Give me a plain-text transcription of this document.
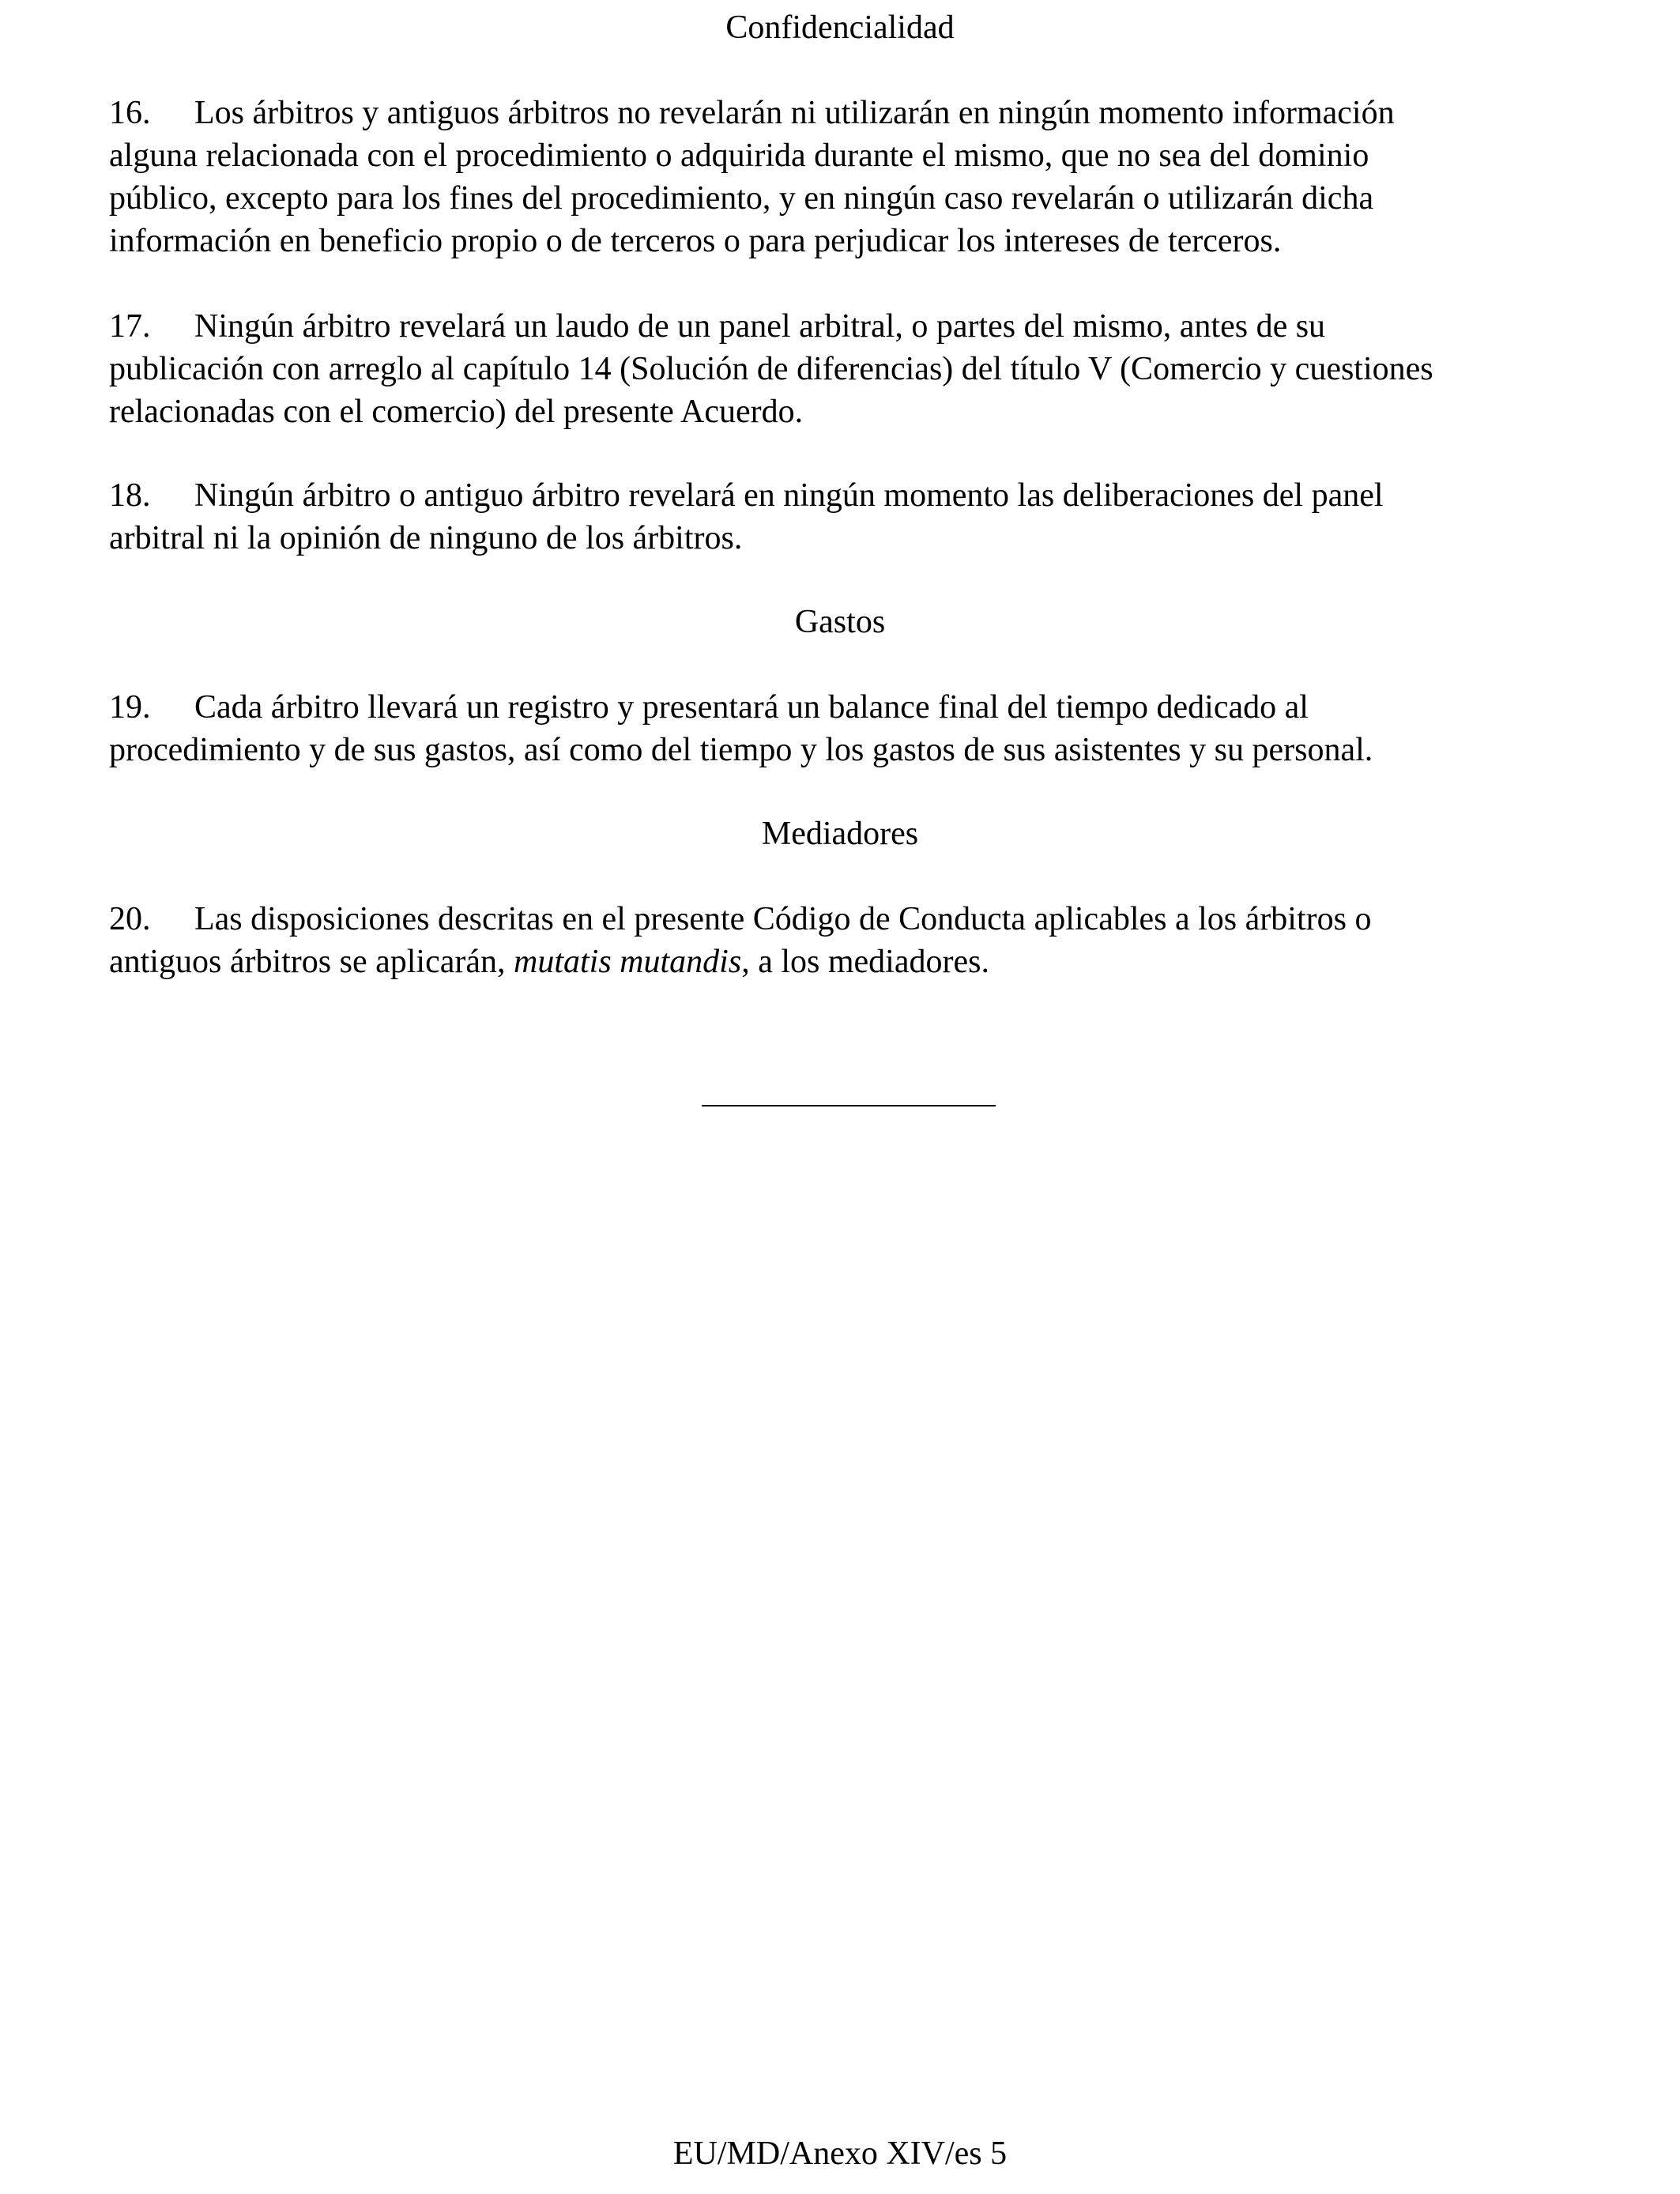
Confidencialidad
16. Los árbitros y antiguos árbitros no revelarán ni utilizarán en ningún momento información
alguna relacionada con el procedimiento o adquirida durante el mismo, que no sea del dominio
público, excepto para los fines del procedimiento, y en ningún caso revelarán o utilizarán dicha
información en beneficio propio o de terceros o para perjudicar los intereses de terceros.
17. Ningún árbitro revelará un laudo de un panel arbitral, o partes del mismo, antes de su
publicación con arreglo al capítulo 14 (Solución de diferencias) del título V (Comercio y cuestiones
relacionadas con el comercio) del presente Acuerdo.
18. Ningún árbitro o antiguo árbitro revelará en ningún momento las deliberaciones del panel
arbitral ni la opinión de ninguno de los árbitros.
Gastos
19. Cada árbitro llevará un registro y presentará un balance final del tiempo dedicado al
procedimiento y de sus gastos, así como del tiempo y los gastos de sus asistentes y su personal.
Mediadores
20. Las disposiciones descritas en el presente Código de Conducta aplicables a los árbitros o
antiguos árbitros se aplicarán, mutatis mutandis, a los mediadores.
EU/MD/Anexo XIV/es 5
